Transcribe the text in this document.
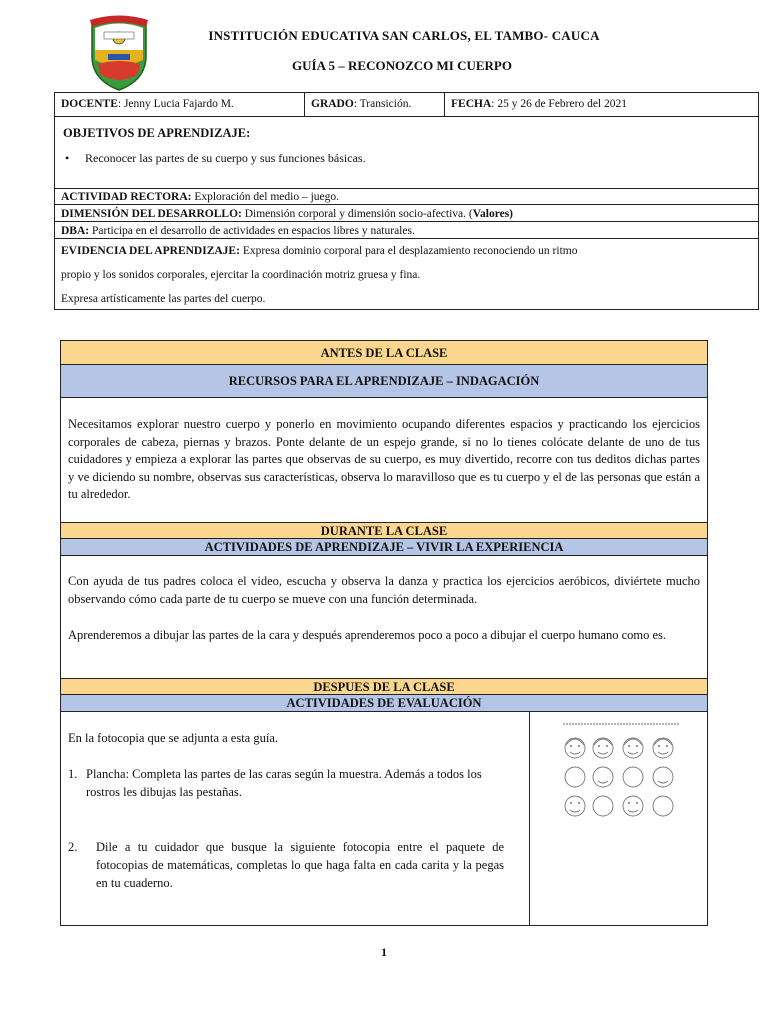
INSTITUCIÓN EDUCATIVA SAN CARLOS, EL TAMBO- CAUCA
GUÍA 5 – RECONOZCO MI CUERPO
DOCENTE: Jenny Lucia Fajardo M.	GRADO: Transición.	FECHA: 25 y 26 de Febrero del 2021
OBJETIVOS DE APRENDIZAJE:
• Reconocer las partes de su cuerpo y sus funciones básicas.
ACTIVIDAD RECTORA: Exploración del medio – juego.
DIMENSIÓN DEL DESARROLLO: Dimensión corporal y dimensión socio-afectiva. (Valores)
DBA: Participa en el desarrollo de actividades en espacios libres y naturales.
EVIDENCIA DEL APRENDIZAJE: Expresa dominio corporal para el desplazamiento reconociendo un ritmo
propio y los sonidos corporales, ejercitar la coordinación motriz gruesa y fina.
Expresa artísticamente las partes del cuerpo.
ANTES DE LA CLASE
RECURSOS PARA EL APRENDIZAJE – INDAGACIÓN
Necesitamos explorar nuestro cuerpo y ponerlo en movimiento ocupando diferentes espacios y practicando los ejercicios corporales de cabeza, piernas y brazos. Ponte delante de un espejo grande, si no lo tienes colócate delante de uno de tus cuidadores y empieza a explorar las partes que observas de su cuerpo, es muy divertido, recorre con tus deditos dichas partes y ve diciendo su nombre, observas sus características, observa lo maravilloso que es tu cuerpo y el de las personas que están a tu alrededor.
DURANTE LA CLASE
ACTIVIDADES DE APRENDIZAJE – VIVIR LA EXPERIENCIA
Con ayuda de tus padres coloca el video, escucha y observa la danza y practica los ejercicios aeróbicos, diviértete mucho observando cómo cada parte de tu cuerpo se mueve con una función determinada.
Aprenderemos a dibujar las partes de la cara y después aprenderemos poco a poco a dibujar el cuerpo humano como es.
DESPUES DE LA CLASE
ACTIVIDADES DE EVALUACIÓN
En la fotocopia que se adjunta a esta guía.
1. Plancha: Completa las partes de las caras según la muestra. Además a todos los rostros les dibujas las pestañas.
2. Dile a tu cuidador que busque la siguiente fotocopia entre el paquete de fotocopias de matemáticas, completas lo que haga falta en cada carita y la pegas en tu cuaderno.
1
